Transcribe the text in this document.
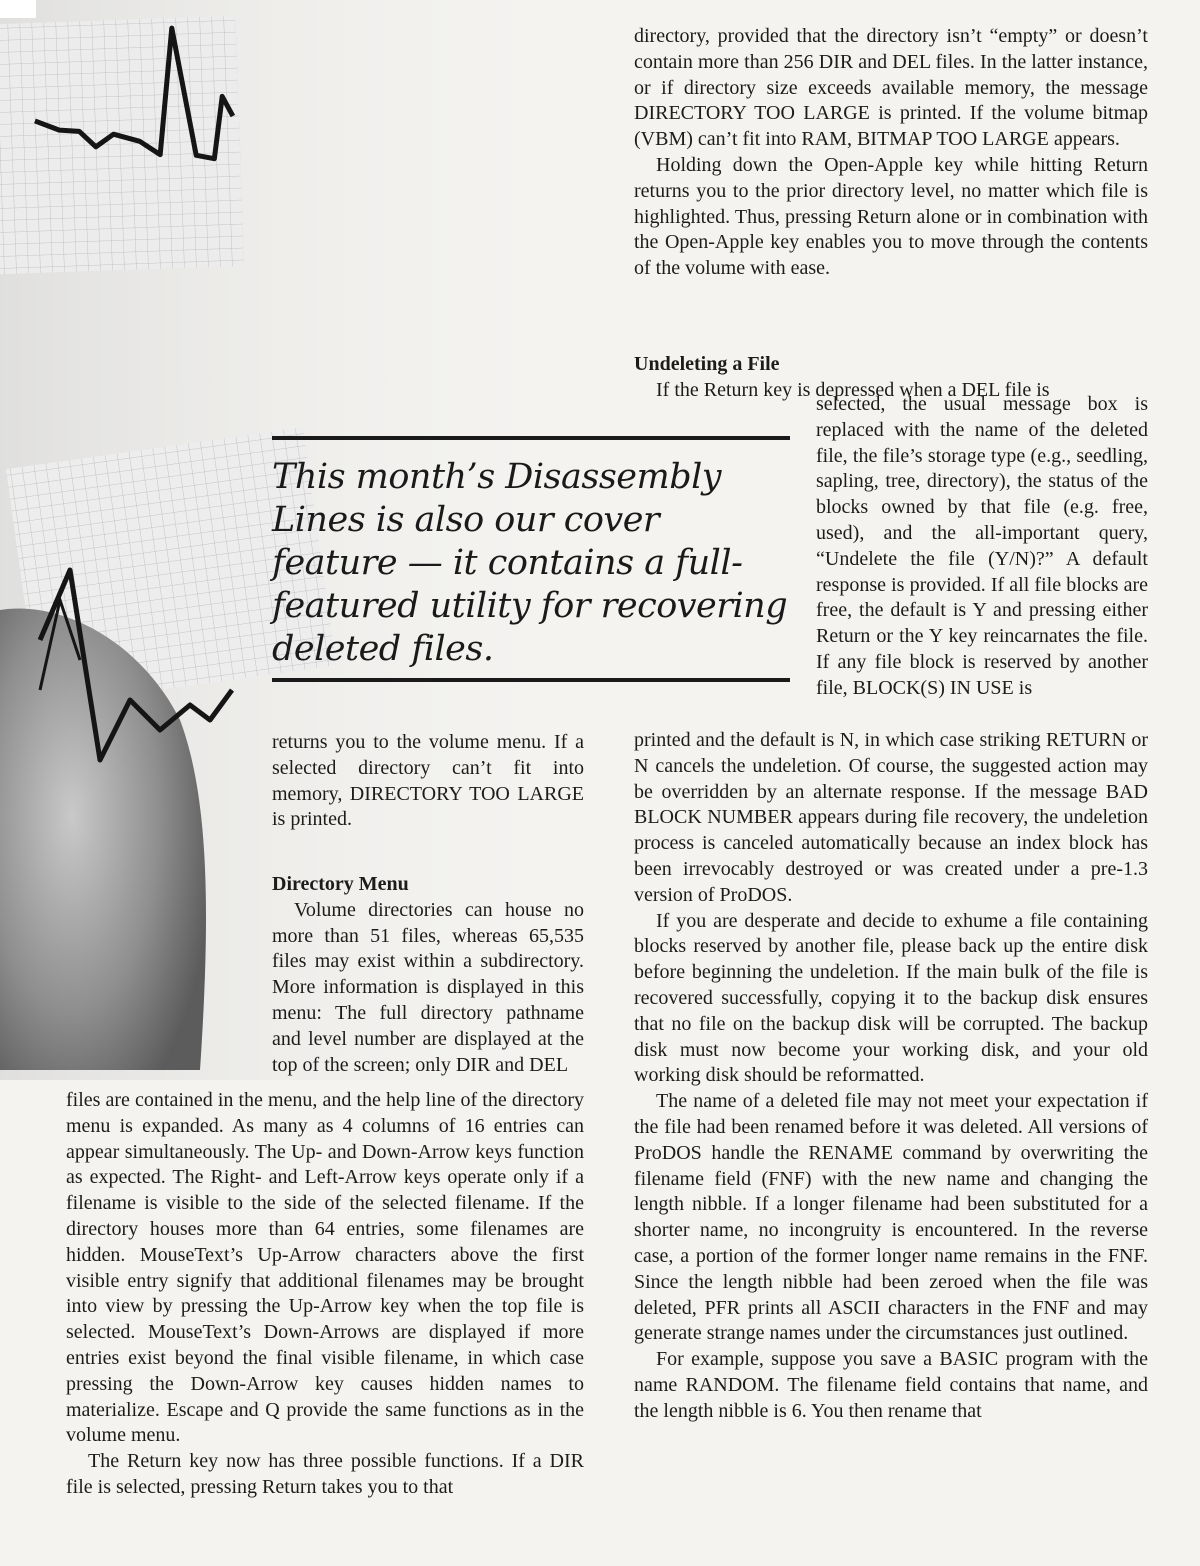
directory, provided that the directory isn’t “empty” or doesn’t contain more than 256 DIR and DEL files. In the latter instance, or if directory size exceeds available memory, the message DIRECTORY TOO LARGE is printed. If the volume bitmap (VBM) can’t fit into RAM, BITMAP TOO LARGE appears.

Holding down the Open-Apple key while hitting Return returns you to the prior directory level, no matter which file is highlighted. Thus, pressing Return alone or in combination with the Open-Apple key enables you to move through the contents of the volume with ease.

Undeleting a File

If the Return key is depressed when a DEL file is

selected, the usual message box is replaced with the name of the deleted file, the file’s storage type (e.g., seedling, sapling, tree, directory), the status of the blocks owned by that file (e.g. free, used), and the all-important query, “Undelete the file (Y/N)?” A default response is provided. If all file blocks are free, the default is Y and pressing either Return or the Y key reincarnates the file. If any file block is reserved by another file, BLOCK(S) IN USE is

This month’s Disassembly Lines is also our cover feature — it contains a full-featured utility for recovering deleted files.

printed and the default is N, in which case striking RETURN or N cancels the undeletion. Of course, the suggested action may be overridden by an alternate response. If the message BAD BLOCK NUMBER appears during file recovery, the undeletion process is canceled automatically because an index block has been irrevocably destroyed or was created under a pre-1.3 version of ProDOS.

If you are desperate and decide to exhume a file containing blocks reserved by another file, please back up the entire disk before beginning the undeletion. If the main bulk of the file is recovered successfully, copying it to the backup disk ensures that no file on the backup disk will be corrupted. The backup disk must now become your working disk, and your old working disk should be reformatted.

The name of a deleted file may not meet your expectation if the file had been renamed before it was deleted. All versions of ProDOS handle the RENAME command by overwriting the filename field (FNF) with the new name and changing the length nibble. If a longer filename had been substituted for a shorter name, no incongruity is encountered. In the reverse case, a portion of the former longer name remains in the FNF. Since the length nibble had been zeroed when the file was deleted, PFR prints all ASCII characters in the FNF and may generate strange names under the circumstances just outlined.

For example, suppose you save a BASIC program with the name RANDOM. The filename field contains that name, and the length nibble is 6. You then rename that

returns you to the volume menu. If a selected directory can’t fit into memory, DIRECTORY TOO LARGE is printed.

Directory Menu

Volume directories can house no more than 51 files, whereas 65,535 files may exist within a subdirectory. More information is displayed in this menu: The full directory pathname and level number are displayed at the top of the screen; only DIR and DEL

files are contained in the menu, and the help line of the directory menu is expanded. As many as 4 columns of 16 entries can appear simultaneously. The Up- and Down-Arrow keys function as expected. The Right- and Left-Arrow keys operate only if a filename is visible to the side of the selected filename. If the directory houses more than 64 entries, some filenames are hidden. MouseText’s Up-Arrow characters above the first visible entry signify that additional filenames may be brought into view by pressing the Up-Arrow key when the top file is selected. MouseText’s Down-Arrows are displayed if more entries exist beyond the final visible filename, in which case pressing the Down-Arrow key causes hidden names to materialize. Escape and Q provide the same functions as in the volume menu.

The Return key now has three possible functions. If a DIR file is selected, pressing Return takes you to that
